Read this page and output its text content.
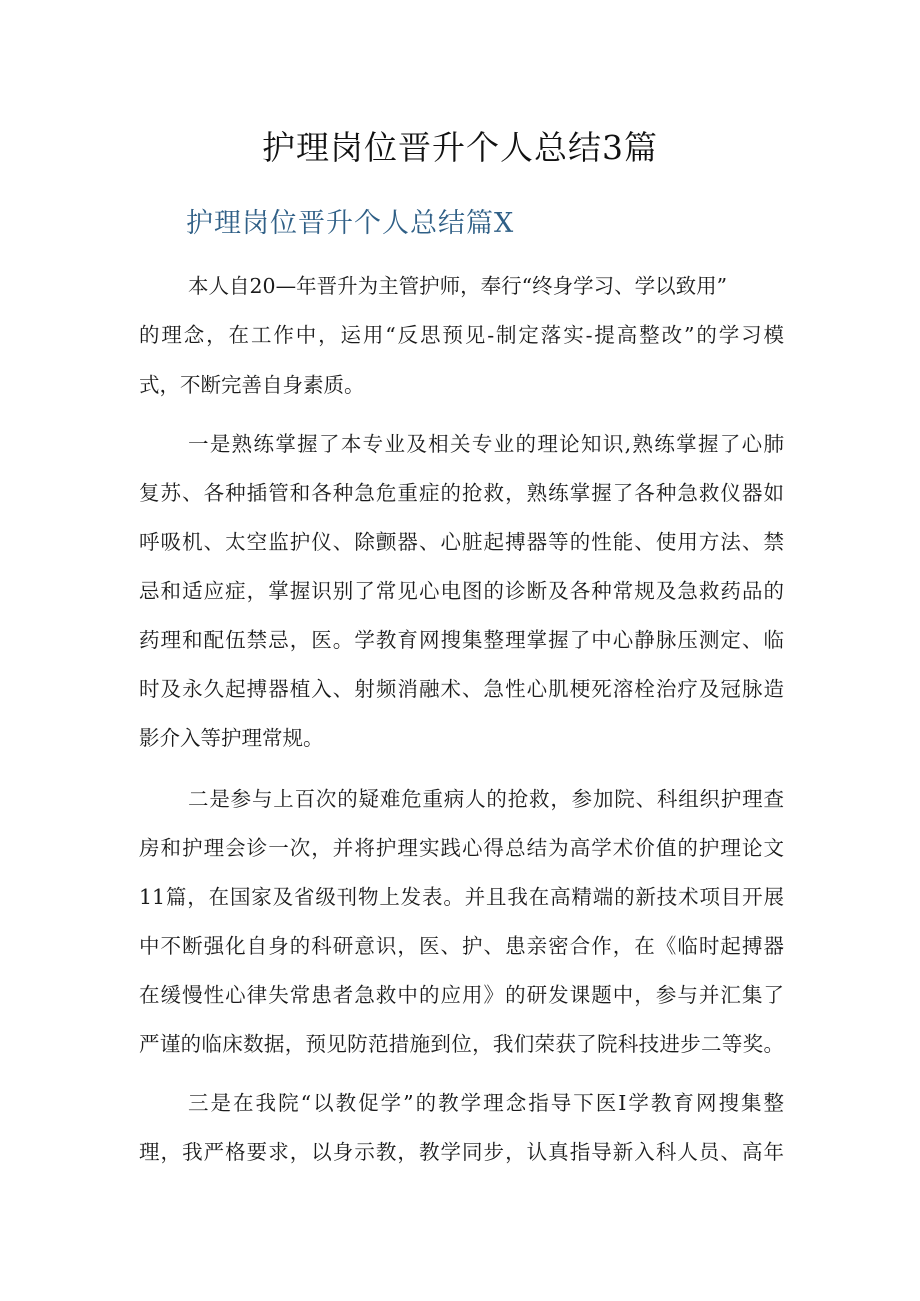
护理岗位晋升个人总结3篇
护理岗位晋升个人总结篇X
本人自20—年晋升为主管护师，奉行“终身学习、学以致用”
的理念，在工作中，运用“反思预见-制定落实-提高整改”的学习模
式，不断完善自身素质。
一是熟练掌握了本专业及相关专业的理论知识,熟练掌握了心肺
复苏、各种插管和各种急危重症的抢救，熟练掌握了各种急救仪器如
呼吸机、太空监护仪、除颤器、心脏起搏器等的性能、使用方法、禁
忌和适应症，掌握识别了常见心电图的诊断及各种常规及急救药品的
药理和配伍禁忌，医。学教育网搜集整理掌握了中心静脉压测定、临
时及永久起搏器植入、射频消融术、急性心肌梗死溶栓治疗及冠脉造
影介入等护理常规。
二是参与上百次的疑难危重病人的抢救，参加院、科组织护理查
房和护理会诊一次，并将护理实践心得总结为高学术价值的护理论文
11篇，在国家及省级刊物上发表。并且我在高精端的新技术项目开展
中不断强化自身的科研意识，医、护、患亲密合作，在《临时起搏器
在缓慢性心律失常患者急救中的应用》的研发课题中，参与并汇集了
严谨的临床数据，预见防范措施到位，我们荣获了院科技进步二等奖。
三是在我院“以教促学”的教学理念指导下医I学教育网搜集整
理，我严格要求，以身示教，教学同步，认真指导新入科人员、高年
